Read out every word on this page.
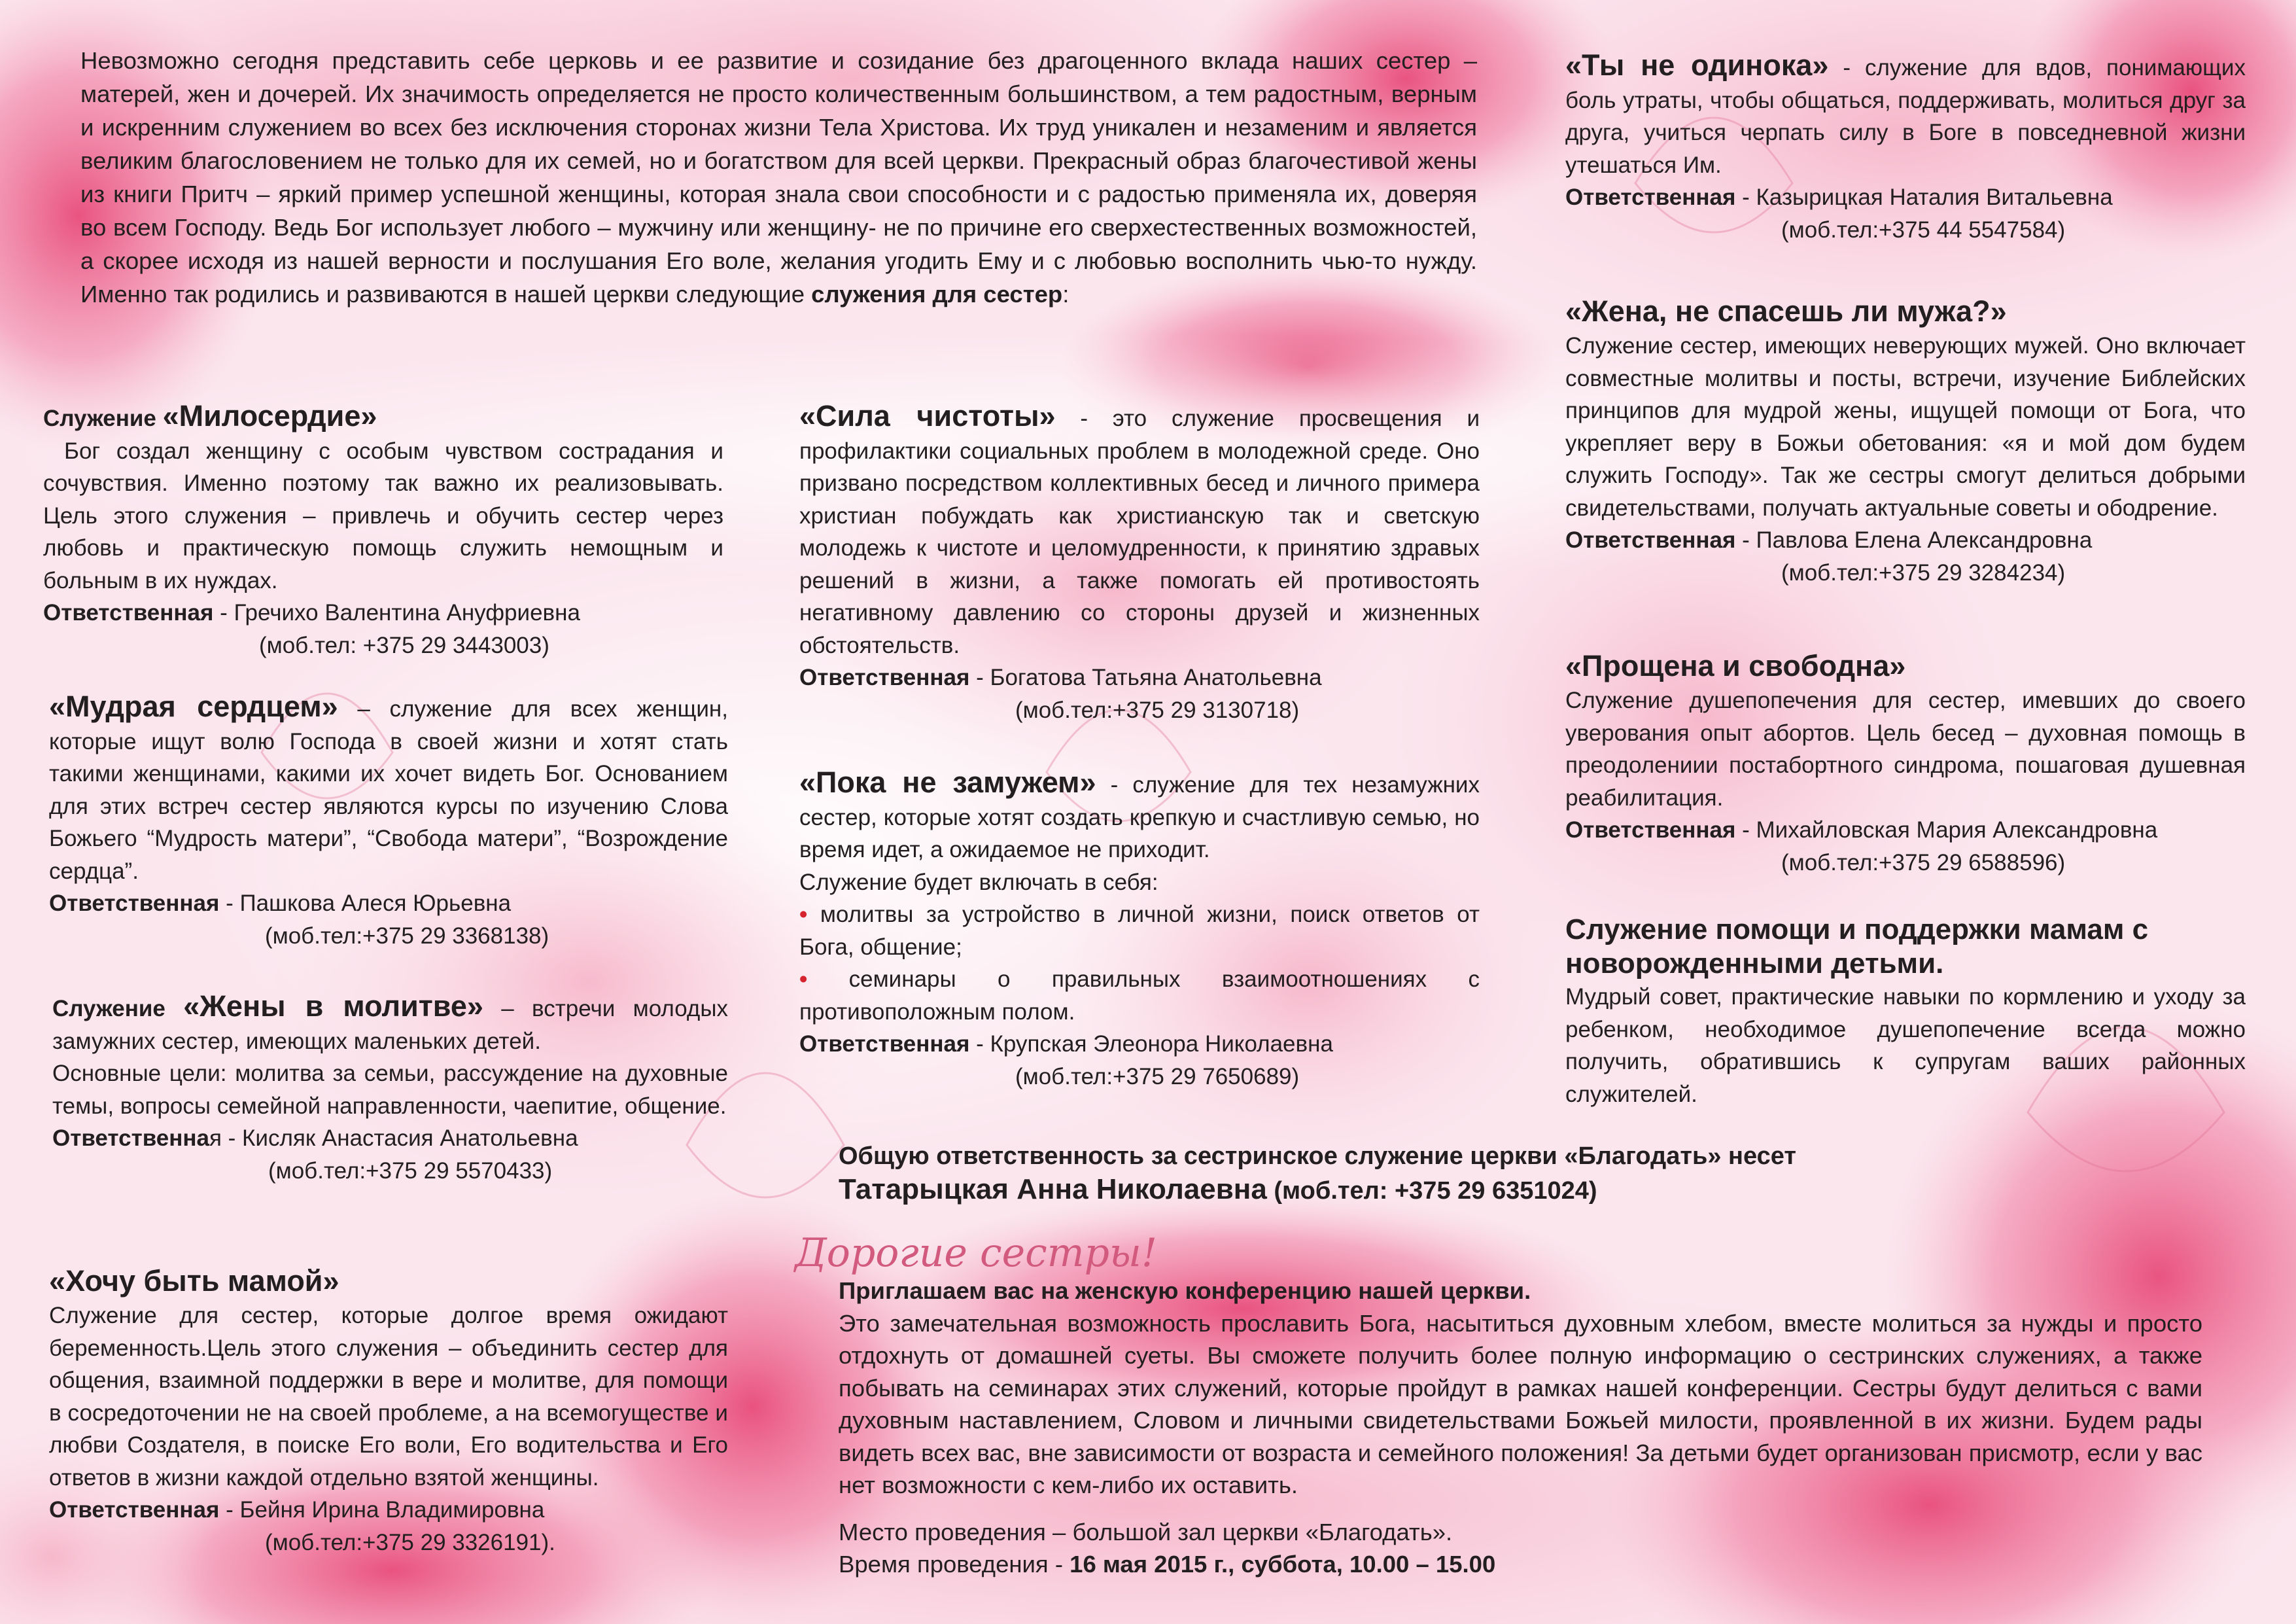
Невозможно сегодня представить себе церковь и ее развитие и созидание без драгоценного вклада наших сестер – матерей, жен и дочерей. Их значимость определяется не просто количественным большинством, а тем радостным, верным и искренним служением во всех без исключения сторонах жизни Тела Христова. Их труд уникален и незаменим и является великим благословением не только для их семей, но и богатством для всей церкви. Прекрасный образ благочестивой жены из книги Притч – яркий пример успешной женщины, которая знала свои способности и с радостью применяла их, доверяя во всем Господу. Ведь Бог использует любого – мужчину или женщину- не по причине его сверхестественных возможностей, а скорее исходя из нашей верности и послушания Его воле, желания угодить Ему и с любовью восполнить чью-то нужду. Именно так родились и развиваются в нашей церкви следующие служения для сестер:

Служение «Милосердие»

Бог создал женщину с особым чувством сострадания и сочувствия. Именно поэтому так важно их реализовывать. Цель этого служения – привлечь и обучить сестер через любовь и практическую помощь служить немощным и больным в их нуждах.

Ответственная - Гречихо Валентина Ануфриевна

(моб.тел: +375 29 3443003)

«Мудрая сердцем» – служение для всех женщин, которые ищут волю Господа в своей жизни и хотят стать такими женщинами, какими их хочет видеть Бог. Основанием для этих встреч сестер являются курсы по изучению Слова Божьего “Мудрость матери”, “Свобода матери”, “Возрождение сердца”.

Ответственная - Пашкова Алеся Юрьевна

(моб.тел:+375 29 3368138)

Служение «Жены в молитве» – встречи молодых замужних сестер, имеющих маленьких детей.

Основные цели: молитва за семьи, рассуждение на духовные темы, вопросы семейной направленности, чаепитие, общение.

Ответственная - Кисляк Анастасия Анатольевна

(моб.тел:+375 29 5570433)

«Хочу быть мамой»

Служение для сестер, которые долгое время ожидают беременность.Цель этого служения – объединить сестер для общения, взаимной поддержки в вере и молитве, для помощи в сосредоточении не на своей проблеме, а на всемогуществе и любви Создателя, в поиске Его воли, Его водительства и Его ответов в жизни каждой отдельно взятой женщины.

Ответственная - Бейня Ирина Владимировна

(моб.тел:+375 29 3326191).

«Сила чистоты» - это служение просвещения и профилактики социальных проблем в молодежной среде. Оно призвано посредством коллективных бесед и личного примера христиан побуждать как христианскую так и светскую молодежь к чистоте и целомудренности, к принятию здравых решений в жизни, а также помогать ей противостоять негативному давлению со стороны друзей и жизненных обстоятельств.

Ответственная - Богатова Татьяна Анатольевна

(моб.тел:+375 29 3130718)

«Пока не замужем» - служение для тех незамужних сестер, которые хотят создать крепкую и счастливую семью, но время идет, а ожидаемое не приходит.

Служение будет включать в себя:

• молитвы за устройство в личной жизни, поиск ответов от Бога, общение;

• семинары о правильных взаимоотношениях с противоположным полом.

Ответственная - Крупская Элеонора Николаевна

(моб.тел:+375 29 7650689)

«Ты не одинока» - служение для вдов, понимающих боль утраты, чтобы общаться, поддерживать, молиться друг за друга, учиться черпать силу в Боге в повседневной жизни утешаться Им.

Ответственная - Казырицкая Наталия Витальевна

(моб.тел:+375 44 5547584)

«Жена, не спасешь ли мужа?»

Служение сестер, имеющих неверующих мужей. Оно включает совместные молитвы и посты, встречи, изучение Библейских принципов для мудрой жены, ищущей помощи от Бога, что укрепляет веру в Божьи обетования: «я и мой дом будем служить Господу». Так же сестры смогут делиться добрыми свидетельствами, получать актуальные советы и ободрение.

Ответственная - Павлова Елена Александровна

(моб.тел:+375 29 3284234)

«Прощена и свободна»

Служение душепопечения для сестер, имевших до своего уверования опыт абортов. Цель бесед – духовная помощь в преодолениии постабортного синдрома, пошаговая душевная реабилитация.

Ответственная - Михайловская Мария Александровна

(моб.тел:+375 29 6588596)

Служение помощи и поддержки мамам с новорожденными детьми.

Мудрый совет, практические навыки по кормлению и уходу за ребенком, необходимое душепопечение всегда можно получить, обратившись к супругам ваших районных служителей.

Общую ответственность за сестринское служение церкви «Благодать» несет

Татарыцкая Анна Николаевна (моб.тел: +375 29 6351024)

Дорогие сестры!

Приглашаем вас на женскую конференцию нашей церкви.

Это замечательная возможность прославить Бога, насытиться духовным хлебом, вместе молиться за нужды и просто отдохнуть от домашней суеты. Вы сможете получить более полную информацию о сестринских служениях, а также побывать на семинарах этих служений, которые пройдут в рамках нашей конференции. Сестры будут делиться с вами духовным наставлением, Словом и личными свидетельствами Божьей милости, проявленной в их жизни. Будем рады видеть всех вас, вне зависимости от возраста и семейного положения! За детьми будет организован присмотр, если у вас нет возможности с кем-либо их оставить.

Место проведения – большой зал церкви «Благодать».

Время проведения - 16 мая 2015 г., суббота, 10.00 – 15.00
